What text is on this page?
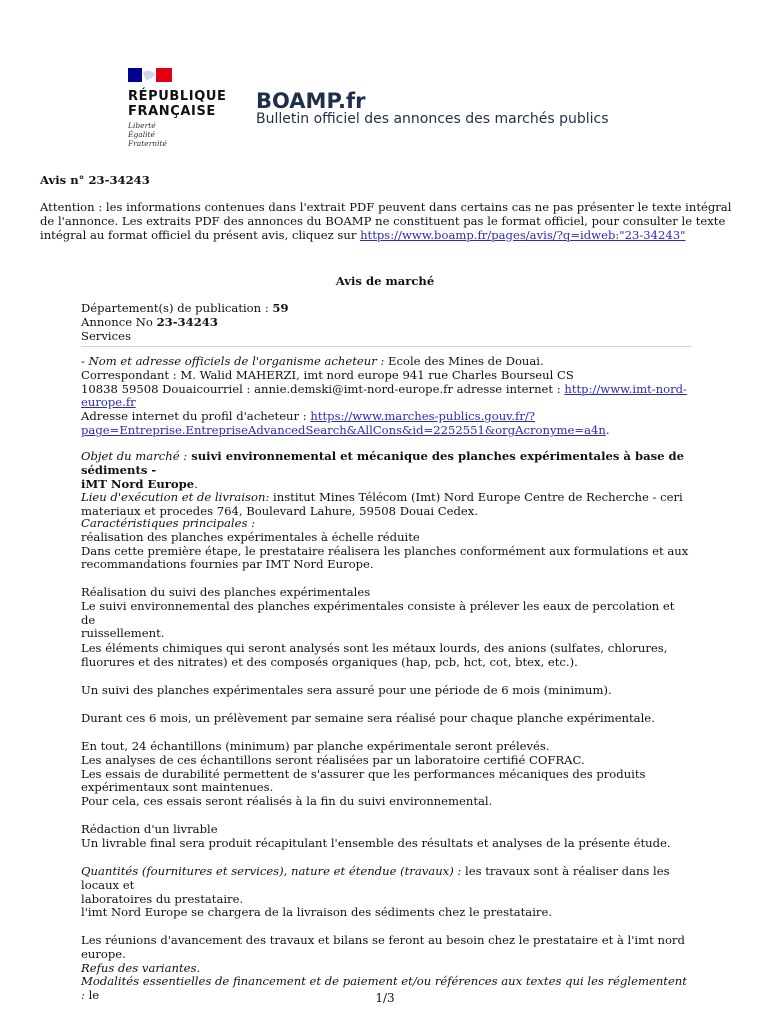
RÉPUBLIQUE
FRANÇAISE
Liberté
Égalité
Fraternité
BOAMP.fr
Bulletin officiel des annonces des marchés publics
Avis n° 23-34243
Attention : les informations contenues dans l'extrait PDF peuvent dans certains cas ne pas présenter le texte intégral de l'annonce. Les extraits PDF des annonces du BOAMP ne constituent pas le format officiel, pour consulter le texte intégral au format officiel du présent avis, cliquez sur https://www.boamp.fr/pages/avis/?q=idweb:"23-34243"
Avis de marché
Département(s) de publication : 59
Annonce No 23-34243
Services
- Nom et adresse officiels de l'organisme acheteur : Ecole des Mines de Douai.
Correspondant : M. Walid MAHERZI, imt nord europe 941 rue Charles Bourseul CS
10838 59508 Douaicourriel : annie.demski@imt-nord-europe.fr adresse internet : http://www.imt-nord-
europe.fr
Adresse internet du profil d'acheteur : https://www.marches-publics.gouv.fr/?
page=Entreprise.EntrepriseAdvancedSearch&AllCons&id=2252551&orgAcronyme=a4n.
Objet du marché : suivi environnemental et mécanique des planches expérimentales à base de sédiments -
iMT Nord Europe.
Lieu d'exécution et de livraison: institut Mines Télécom (Imt) Nord Europe Centre de Recherche - ceri
materiaux et procedes 764, Boulevard Lahure, 59508 Douai Cedex.
Caractéristiques principales :
réalisation des planches expérimentales à échelle réduite
Dans cette première étape, le prestataire réalisera les planches conformément aux formulations et aux
recommandations fournies par IMT Nord Europe.
Réalisation du suivi des planches expérimentales
Le suivi environnemental des planches expérimentales consiste à prélever les eaux de percolation et de
ruissellement.
Les éléments chimiques qui seront analysés sont les métaux lourds, des anions (sulfates, chlorures,
fluorures et des nitrates) et des composés organiques (hap, pcb, hct, cot, btex, etc.).
Un suivi des planches expérimentales sera assuré pour une période de 6 mois (minimum).
Durant ces 6 mois, un prélèvement par semaine sera réalisé pour chaque planche expérimentale.
En tout, 24 échantillons (minimum) par planche expérimentale seront prélevés.
Les analyses de ces échantillons seront réalisées par un laboratoire certifié COFRAC.
Les essais de durabilité permettent de s'assurer que les performances mécaniques des produits
expérimentaux sont maintenues.
Pour cela, ces essais seront réalisés à la fin du suivi environnemental.
Rédaction d'un livrable
Un livrable final sera produit récapitulant l'ensemble des résultats et analyses de la présente étude.
Quantités (fournitures et services), nature et étendue (travaux) : les travaux sont à réaliser dans les locaux et
laboratoires du prestataire.
l'imt Nord Europe se chargera de la livraison des sédiments chez le prestataire.
Les réunions d'avancement des travaux et bilans se feront au besoin chez le prestataire et à l'imt nord
europe.
Refus des variantes.
Modalités essentielles de financement et de paiement et/ou références aux textes qui les réglementent : le	1/3
